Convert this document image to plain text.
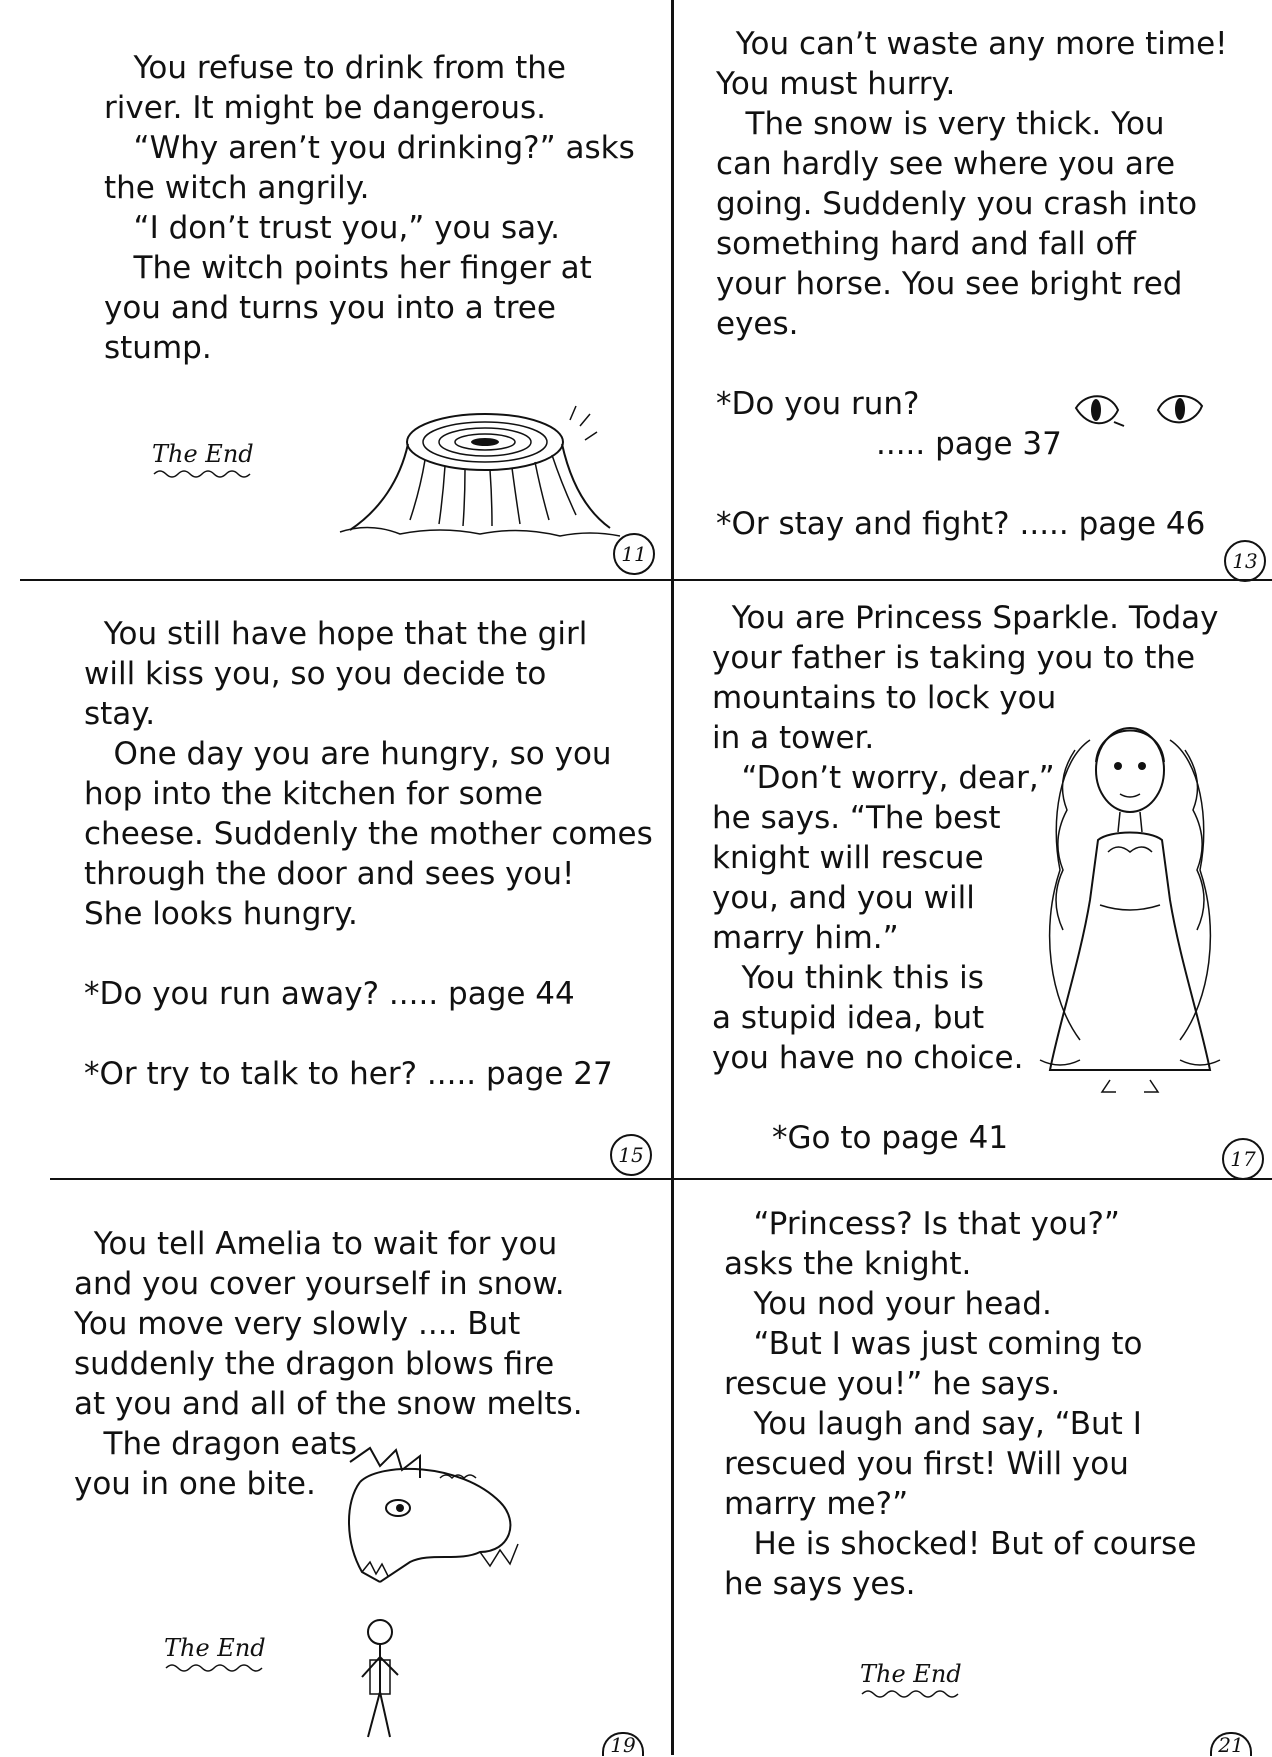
You refuse to drink from the
river. It might be dangerous.
“Why aren’t you drinking?” asks
the witch angrily.
“I don’t trust you,” you say.
The witch points her finger at
you and turns you into a tree
stump.

The End
11

You can’t waste any more time!
You must hurry.
The snow is very thick. You
can hardly see where you are
going. Suddenly you crash into
something hard and fall off
your horse. You see bright red
eyes.
*Do you run?
..... page 37
*Or stay and fight? ..... page 46

13

You still have hope that the girl
will kiss you, so you decide to
stay.
One day you are hungry, so you
hop into the kitchen for some
cheese. Suddenly the mother comes
through the door and sees you!
She looks hungry.
*Do you run away? ..... page 44
*Or try to talk to her? ..... page 27

15

You are Princess Sparkle. Today
your father is taking you to the
mountains to lock you
in a tower.
“Don’t worry, dear,”
he says. “The best
knight will rescue
you, and you will
marry him.”
You think this is
a stupid idea, but
you have no choice.
*Go to page 41

17

You tell Amelia to wait for you
and you cover yourself in snow.
You move very slowly .... But
suddenly the dragon blows fire
at you and all of the snow melts.
The dragon eats
you in one bite.

The End
19

“Princess? Is that you?”
asks the knight.
You nod your head.
“But I was just coming to
rescue you!” he says.
You laugh and say, “But I
rescued you first! Will you
marry me?”
He is shocked! But of course
he says yes.

The End
21
